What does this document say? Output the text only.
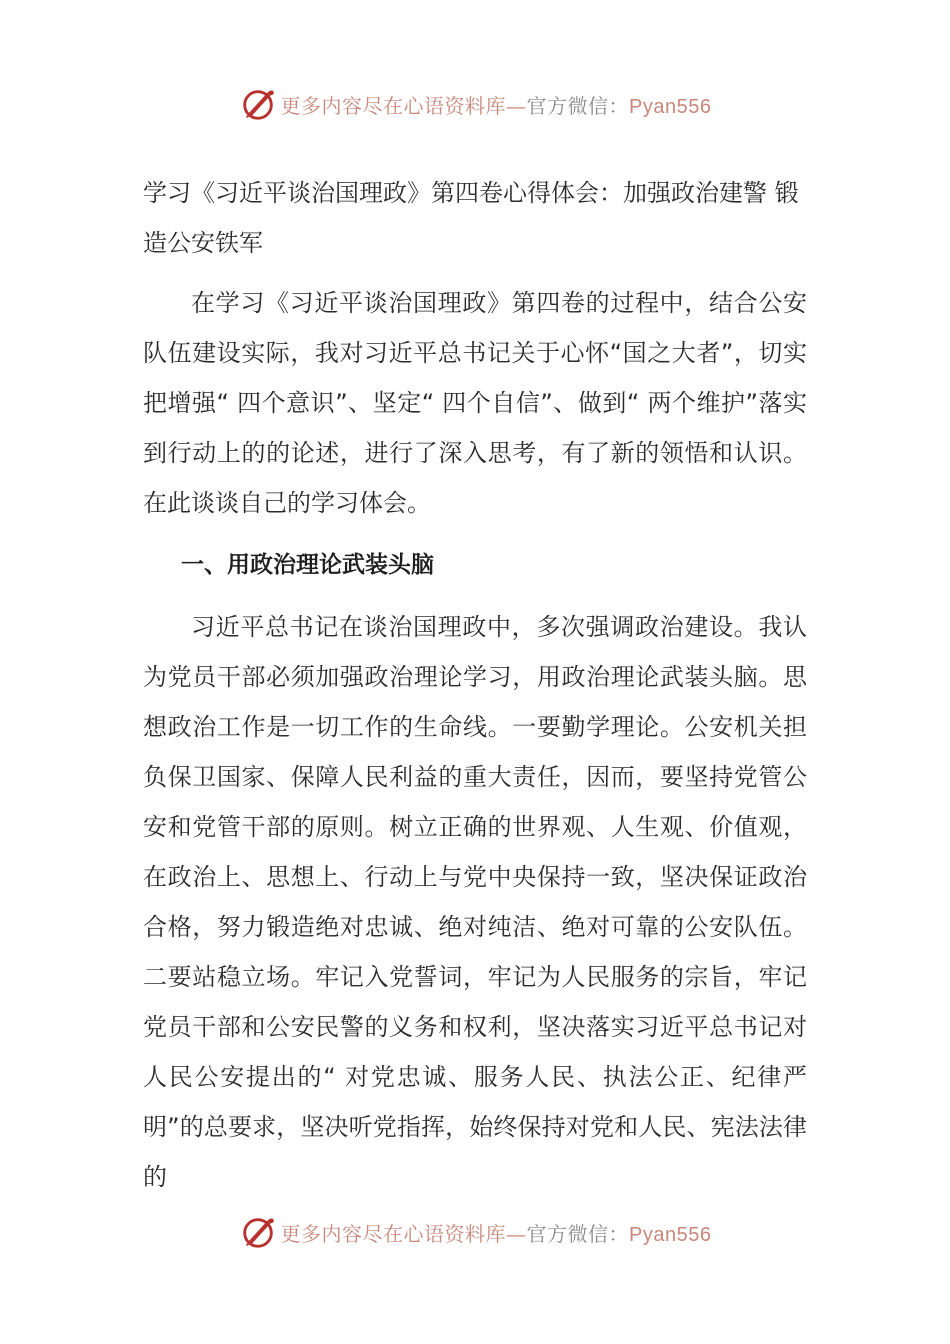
更多内容尽在心语资料库—官方微信：Pyan556
学习《习近平谈治国理政》第四卷心得体会：加强政治建警 锻造公安铁军

在学习《习近平谈治国理政》第四卷的过程中，结合公安队伍建设实际，我对习近平总书记关于心怀“国之大者”，切实把增强“ 四个意识”、坚定“ 四个自信”、做到“ 两个维护”落实到行动上的的论述，进行了深入思考，有了新的领悟和认识。在此谈谈自己的学习体会。

一、用政治理论武装头脑

习近平总书记在谈治国理政中，多次强调政治建设。我认为党员干部必须加强政治理论学习，用政治理论武装头脑。思想政治工作是一切工作的生命线。一要勤学理论。公安机关担负保卫国家、保障人民利益的重大责任，因而，要坚持党管公安和党管干部的原则。树立正确的世界观、人生观、价值观，在政治上、思想上、行动上与党中央保持一致，坚决保证政治合格，努力锻造绝对忠诚、绝对纯洁、绝对可靠的公安队伍。二要站稳立场。牢记入党誓词，牢记为人民服务的宗旨，牢记党员干部和公安民警的义务和权利，坚决落实习近平总书记对人民公安提出的“ 对党忠诚、服务人民、执法公正、纪律严明”的总要求，坚决听党指挥，始终保持对党和人民、宪法法律的

更多内容尽在心语资料库—官方微信：Pyan556
